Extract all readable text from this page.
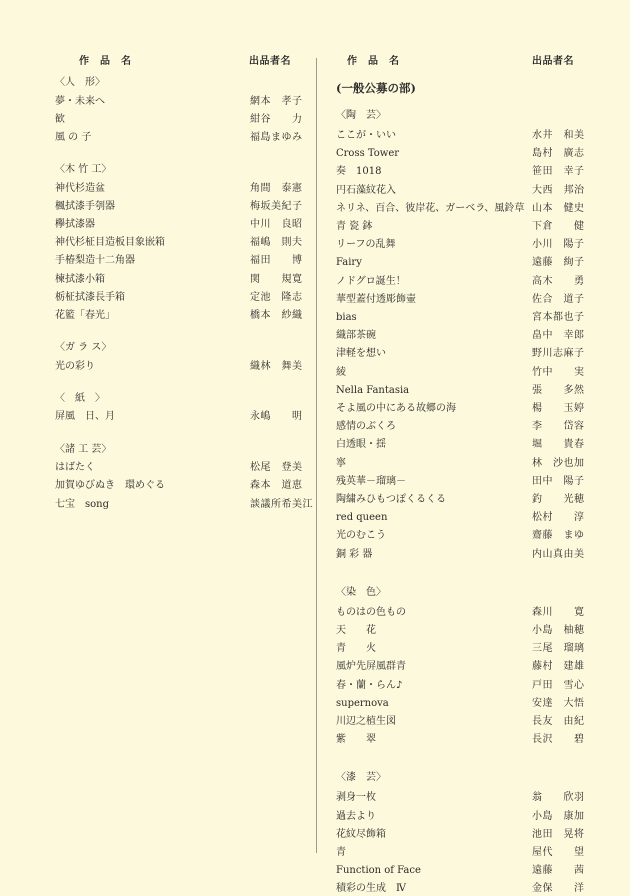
作　品　名	出品者名	作　品　名	出品者名
〈人　形〉
夢・未来へ	網本　孝子
歓	紺谷　　力
風 の 子	福島まゆみ
〈木 竹 工〉
神代杉造盆	角間　泰憲
楓拭漆手刳器	梅坂美紀子
欅拭漆器	中川　良昭
神代杉柾目造板目象嵌箱	福嶋　則夫
手椿梨造十二角器	福田　　博
楝拭漆小箱	関　　規寛
栃柾拭漆長手箱	定池　隆志
花籃「春光」	橋本　紗織
〈ガ ラ ス〉
光の彩り	織林　舞美
〈　紙　〉
屏風　日、月	永嶋　　明
〈諸 工 芸〉
はばたく	松尾　登美
加賀ゆびぬき　環めぐる	森本　道恵
七宝　song	談議所希美江
(一般公募の部)
〈陶　芸〉
ここが・いい	水井　和美
Cross Tower	島村　廣志
奏　1018	笹田　幸子
円石藻紋花入	大西　邦治
ネリネ、百合、彼岸花、ガーベラ、風鈴草 山本　健史
青 瓷 鉢	下倉　　健
リーフの乱舞	小川　陽子
Fairy	遠藤　絢子
ノドグロ誕生！	高木　　勇
華型蓋付透彫飾壷	佐合　道子
bias	宮本都也子
織部茶碗	畠中　幸郎
津軽を想い	野川志麻子
綾	竹中　　実
Nella Fantasia	張　　多然
そよ風の中にある故郷の海	楊　　玉婷
感情のぶくろ	李　　岱容
白透眼・揺	堀　　貴春
寧	林　沙也加
残英華－瑠璃－	田中　陽子
陶繍みひもつぽくるくる	釣　　光穂
red queen	松村　　淳
光のむこう	齋藤　まゆ
銅 彩 器	内山真由美
〈染　色〉
ものはの色もの	森川　　寛
天　　花	小島　柚穂
青　　火	三尾　瑠璃
風炉先屏風群青	藤村　建雄
春・蘭・らん♪	戸田　雪心
supernova	安達　大悟
川辺之植生図	長友　由紀
紫　　翠	長沢　　碧
〈漆　芸〉
剥身一枚	翁　　欣羽
過去より	小島　康加
花紋尽飾箱	池田　晃将
青	屋代　　望
Function of Face	遠藤　　茜
積彩の生成　Ⅳ	金保　　洋
